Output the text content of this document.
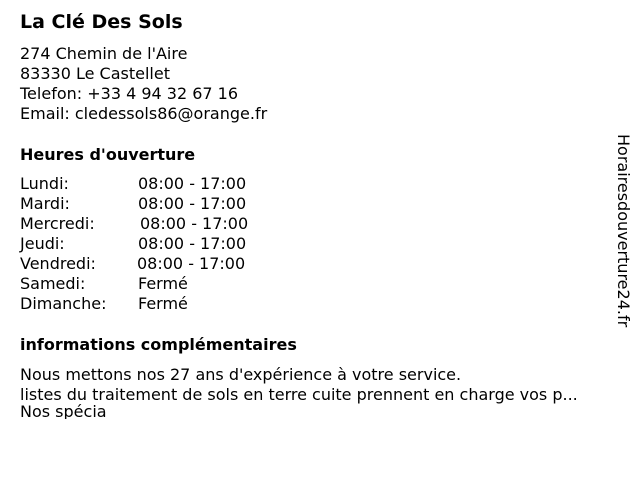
La Clé Des Sols
274 Chemin de l'Aire
83330 Le Castellet
Telefon: +33 4 94 32 67 16
Email: cledessols86@orange.fr
Heures d'ouverture
Lundi:	08:00 - 17:00
Mardi:	08:00 - 17:00
Mercredi:	08:00 - 17:00
Jeudi:	08:00 - 17:00
Vendredi:	08:00 - 17:00
Samedi:	Fermé
Dimanche: Fermé
informations complémentaires
Nous mettons nos 27 ans d'expérience à votre service.
listes du traitement de sols en terre cuite prennent en charge vos p...
Nos spécia
Horairesdouverture24.fr
